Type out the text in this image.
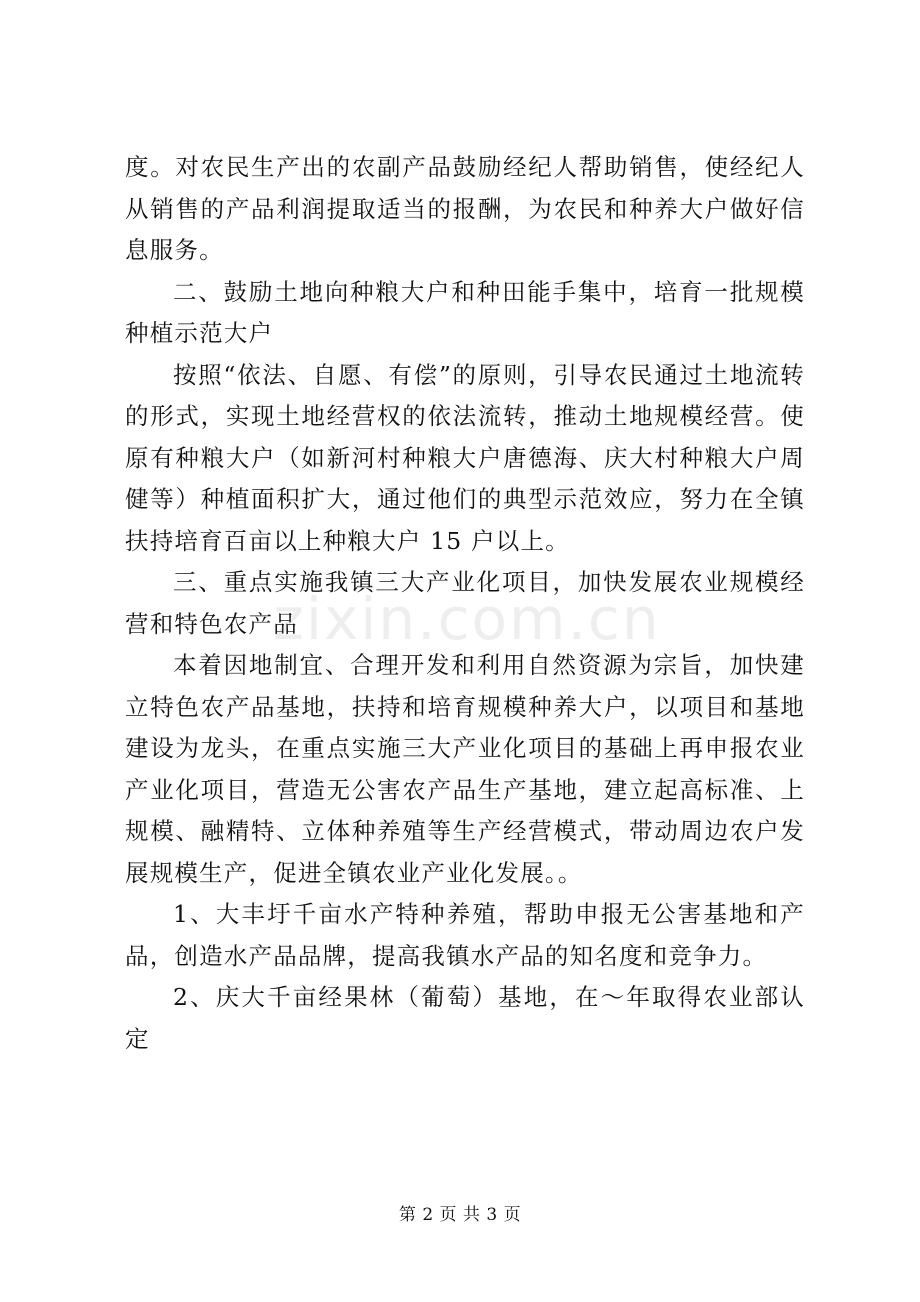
度。对农民生产出的农副产品鼓励经纪人帮助销售，使经纪人从销售的产品利润提取适当的报酬，为农民和种养大户做好信息服务。

二、鼓励土地向种粮大户和种田能手集中，培育一批规模种植示范大户

按照“依法、自愿、有偿”的原则，引导农民通过土地流转的形式，实现土地经营权的依法流转，推动土地规模经营。使原有种粮大户（如新河村种粮大户唐德海、庆大村种粮大户周健等）种植面积扩大，通过他们的典型示范效应，努力在全镇扶持培育百亩以上种粮大户 15 户以上。

三、重点实施我镇三大产业化项目，加快发展农业规模经营和特色农产品

本着因地制宜、合理开发和利用自然资源为宗旨，加快建立特色农产品基地，扶持和培育规模种养大户，以项目和基地建设为龙头，在重点实施三大产业化项目的基础上再申报农业产业化项目，营造无公害农产品生产基地，建立起高标准、上规模、融精特、立体种养殖等生产经营模式，带动周边农户发展规模生产，促进全镇农业产业化发展。。

1、大丰圩千亩水产特种养殖，帮助申报无公害基地和产品，创造水产品品牌，提高我镇水产品的知名度和竞争力。

2、庆大千亩经果林（葡萄）基地，在～年取得农业部认定

zixin.com.cn
第 2 页 共 3 页
